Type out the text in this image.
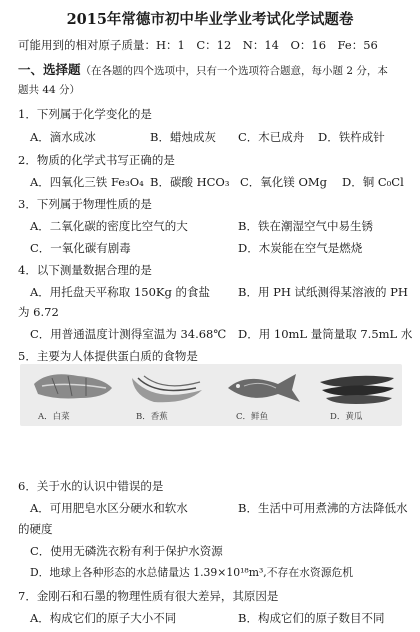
2015年常德市初中毕业学业考试化学试题卷
可能用到的相对原子质量：H：1　C：12　N：14　O：16　Fe：56
一、选择题（在各题的四个选项中，只有一个选项符合题意，每小题 2 分，本
题共 44 分）
1．下列属于化学变化的是
A．滴水成冰	B．蜡烛成灰 C．木已成舟 D．铁杵成针
2．物质的化学式书写正确的是
A．四氧化三铁 Fe₃O₄ B．碳酸 HCO₃ C．氧化镁 OMg D．铜 C₀Cl
3．下列属于物理性质的是
A．二氧化碳的密度比空气的大	B．铁在潮湿空气中易生锈
C．一氧化碳有剧毒	D．木炭能在空气是燃烧
4．以下测量数据合理的是
A．用托盘天平称取 150Kg 的食盐 B．用 PH 试纸测得某溶液的 PH
为 6.72
C．用普通温度计测得室温为 34.68℃ D．用 10mL 量筒量取 7.5mL 水
5．主要为人体提供蛋白质的食物是
A．白菜	B．香蕉	C．鲜鱼	D．黄瓜
6．关于水的认识中错误的是
A．可用肥皂水区分硬水和软水	B．生活中可用煮沸的方法降低水
的硬度
C．使用无磷洗衣粉有利于保护水资源
D．地球上各种形态的水总储量达 1.39×10¹⁸m³,不存在水资源危机
7．金刚石和石墨的物理性质有很大差异，其原因是
A．构成它们的原子大小不同	B．构成它们的原子数目不同
